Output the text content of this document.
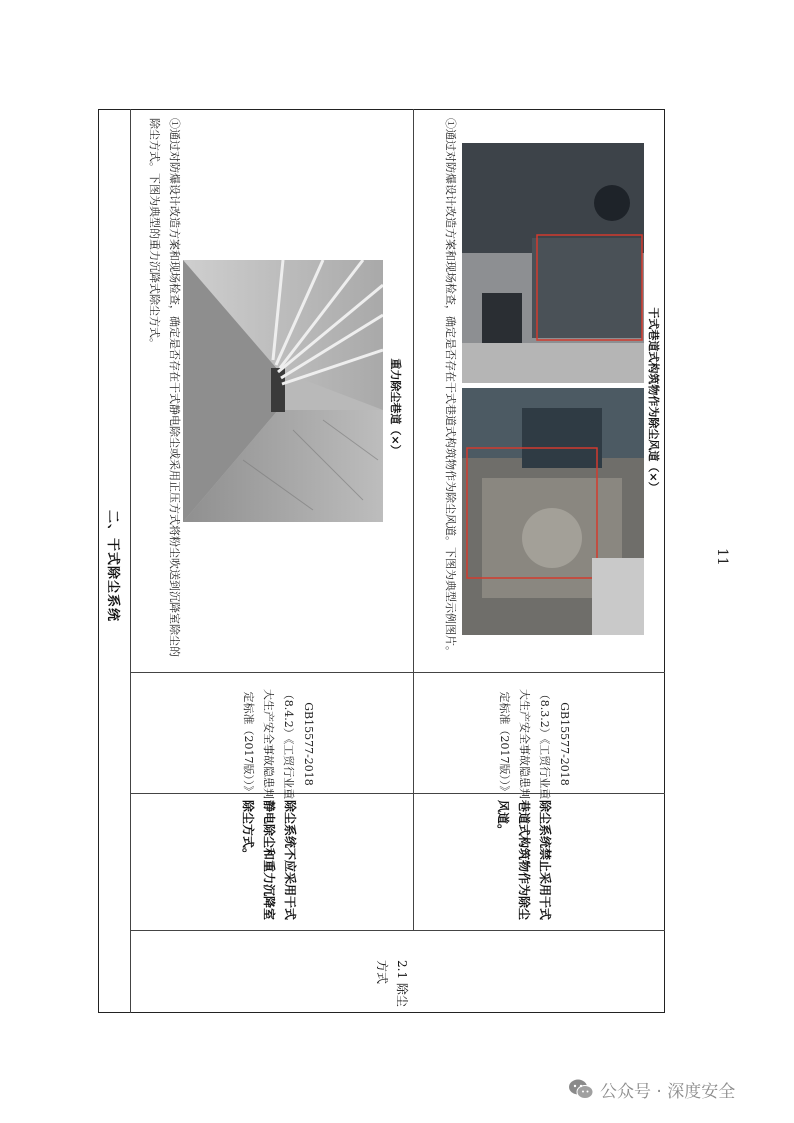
二、干式除尘系统
2.1 除尘方式
除尘系统不应采用干式静电除尘和重力沉降室除尘方式。
GB15577-2018 （8.4.2）《工贸行业重大生产安全事故隐患判定标准（2017版））》
①通过对防爆设计改造方案和现场检查，确定是否存在干式静电除尘或采用正压方式将粉尘吹送到沉降室除尘的除尘方式。下图为典型的重力沉降式除尘方式。
重力除尘巷道（×）
除尘系统禁止采用干式巷道式构筑物作为除尘风道。
GB15577-2018 （8.3.2）《工贸行业重大生产安全事故隐患判定标准（2017版））》
①通过对防爆设计改造方案和现场检查，确定是否存在干式巷道式构筑物作为除尘风道。下图为典型示例图片。	干式巷道式构筑物作为除尘风道（×）
11
公众号 · 深度安全
